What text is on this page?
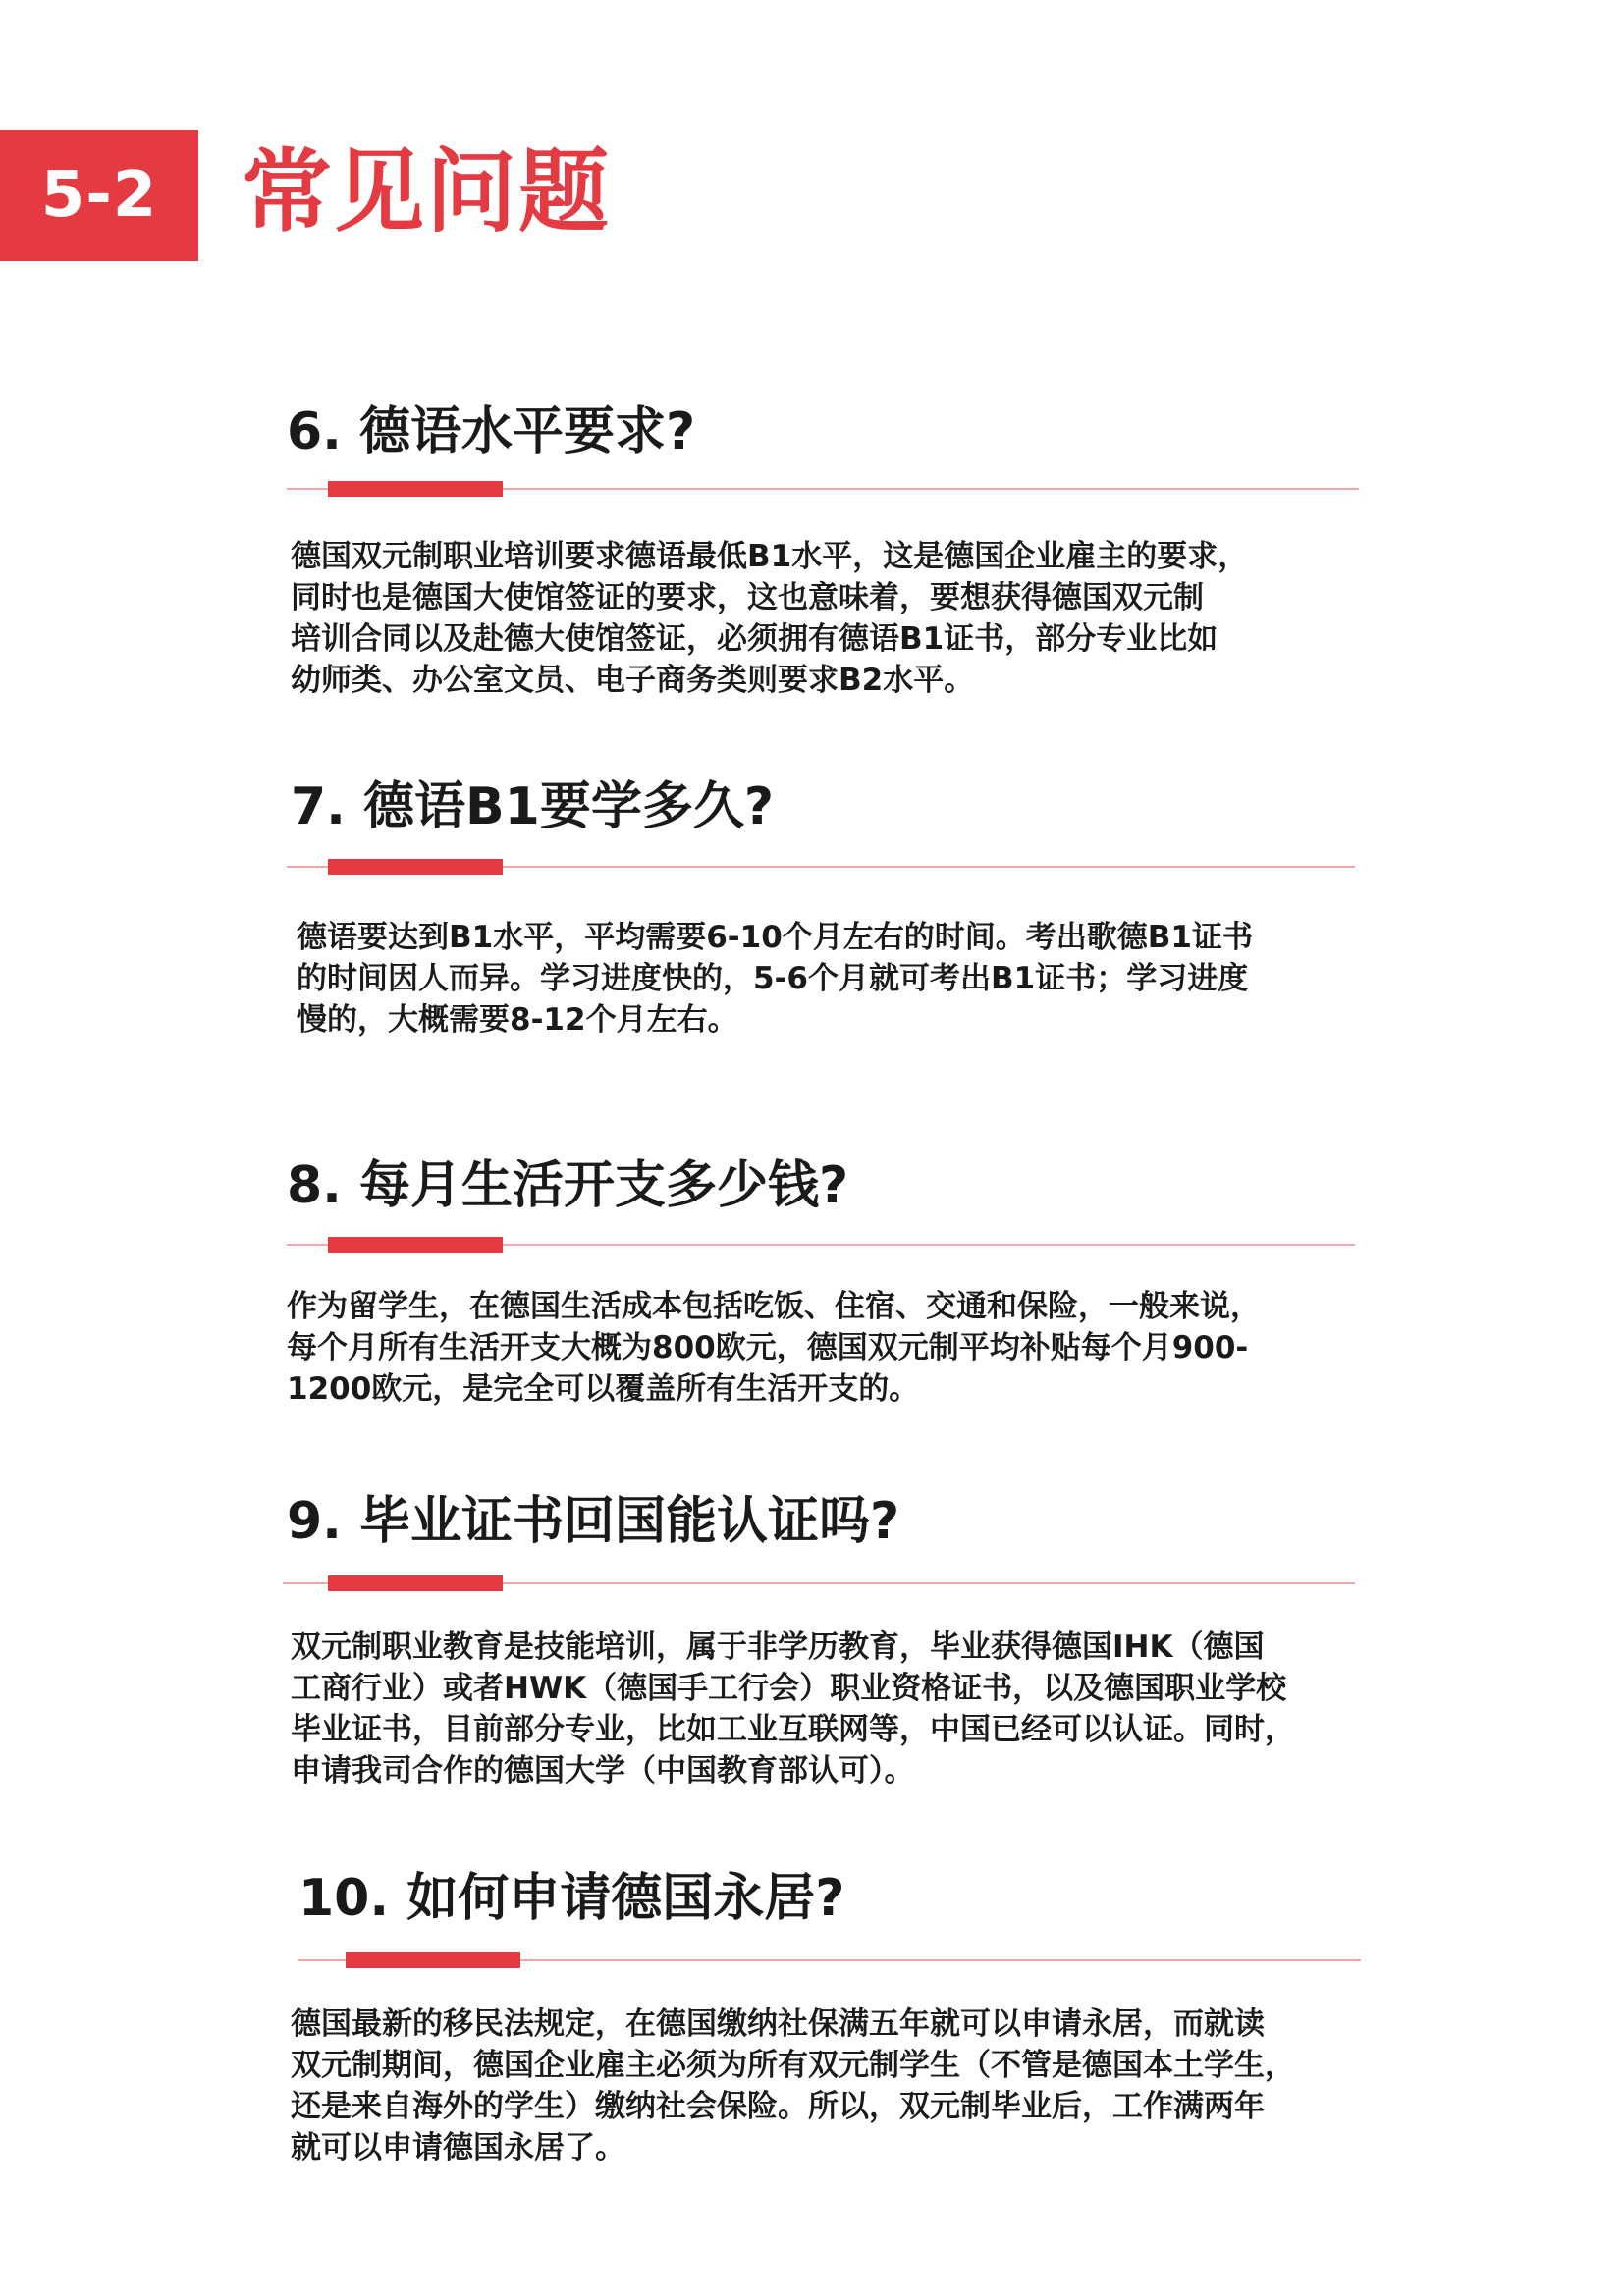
5-2 常见问题
6. 德语水平要求?
德国双元制职业培训要求德语最低B1水平，这是德国企业雇主的要求，
同时也是德国大使馆签证的要求，这也意味着，要想获得德国双元制
培训合同以及赴德大使馆签证，必须拥有德语B1证书，部分专业比如
幼师类、办公室文员、电子商务类则要求B2水平。
7. 德语B1要学多久?
德语要达到B1水平，平均需要6-10个月左右的时间。考出歌德B1证书
的时间因人而异。学习进度快的，5-6个月就可考出B1证书；学习进度
慢的，大概需要8-12个月左右。
8. 每月生活开支多少钱?
作为留学生，在德国生活成本包括吃饭、住宿、交通和保险，一般来说，
每个月所有生活开支大概为800欧元，德国双元制平均补贴每个月900-
1200欧元，是完全可以覆盖所有生活开支的。
9. 毕业证书回国能认证吗?
双元制职业教育是技能培训，属于非学历教育，毕业获得德国IHK（德国
工商行业）或者HWK（德国手工行会）职业资格证书，以及德国职业学校
毕业证书，目前部分专业，比如工业互联网等，中国已经可以认证。同时，
申请我司合作的德国大学（中国教育部认可）。
10. 如何申请德国永居?
德国最新的移民法规定，在德国缴纳社保满五年就可以申请永居，而就读
双元制期间，德国企业雇主必须为所有双元制学生（不管是德国本土学生，
还是来自海外的学生）缴纳社会保险。所以，双元制毕业后，工作满两年
就可以申请德国永居了。
